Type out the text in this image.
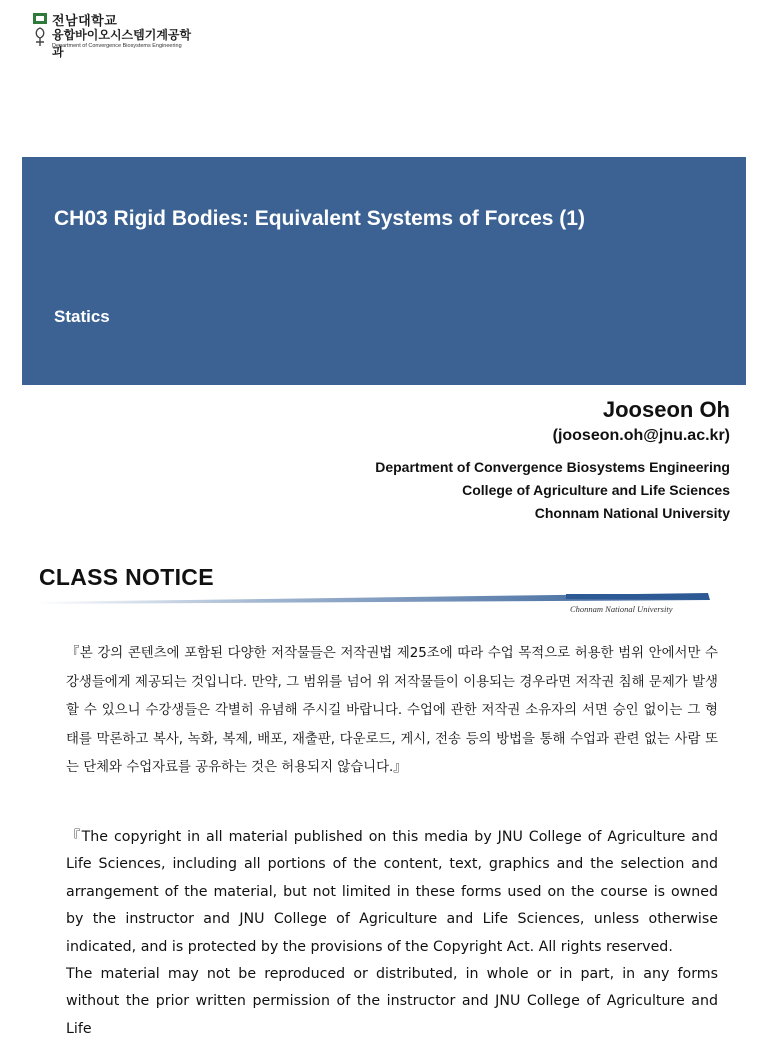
전남대학교
융합바이오시스템기계공학과
Department of Convergence Biosystems Engineering
CH03 Rigid Bodies: Equivalent Systems of Forces (1)
Statics
Jooseon Oh
(jooseon.oh@jnu.ac.kr)
Department of Convergence Biosystems Engineering
College of Agriculture and Life Sciences
Chonnam National University
CLASS NOTICE
Chonnam National University

『본 강의 콘텐츠에 포함된 다양한 저작물들은 저작권법 제25조에 따라 수업 목적으로 허용한 범위 안에서만 수강생들에게 제공되는 것입니다. 만약, 그 범위를 넘어 위 저작물들이 이용되는 경우라면 저작권 침해 문제가 발생할 수 있으니 수강생들은 각별히 유념해 주시길 바랍니다. 수업에 관한 저작권 소유자의 서면 승인 없이는 그 형태를 막론하고 복사, 녹화, 복제, 배포, 재출판, 다운로드, 게시, 전송 등의 방법을 통해 수업과 관련 없는 사람 또는 단체와 수업자료를 공유하는 것은 허용되지 않습니다.』

『The copyright in all material published on this media by JNU College of Agriculture and Life Sciences, including all portions of the content, text, graphics and the selection and arrangement of the material, but not limited in these forms used on the course is owned by the instructor and JNU College of Agriculture and Life Sciences, unless otherwise indicated, and is protected by the provisions of the Copyright Act. All rights reserved.

The material may not be reproduced or distributed, in whole or in part, in any forms without the prior written permission of the instructor and JNU College of Agriculture and Life
